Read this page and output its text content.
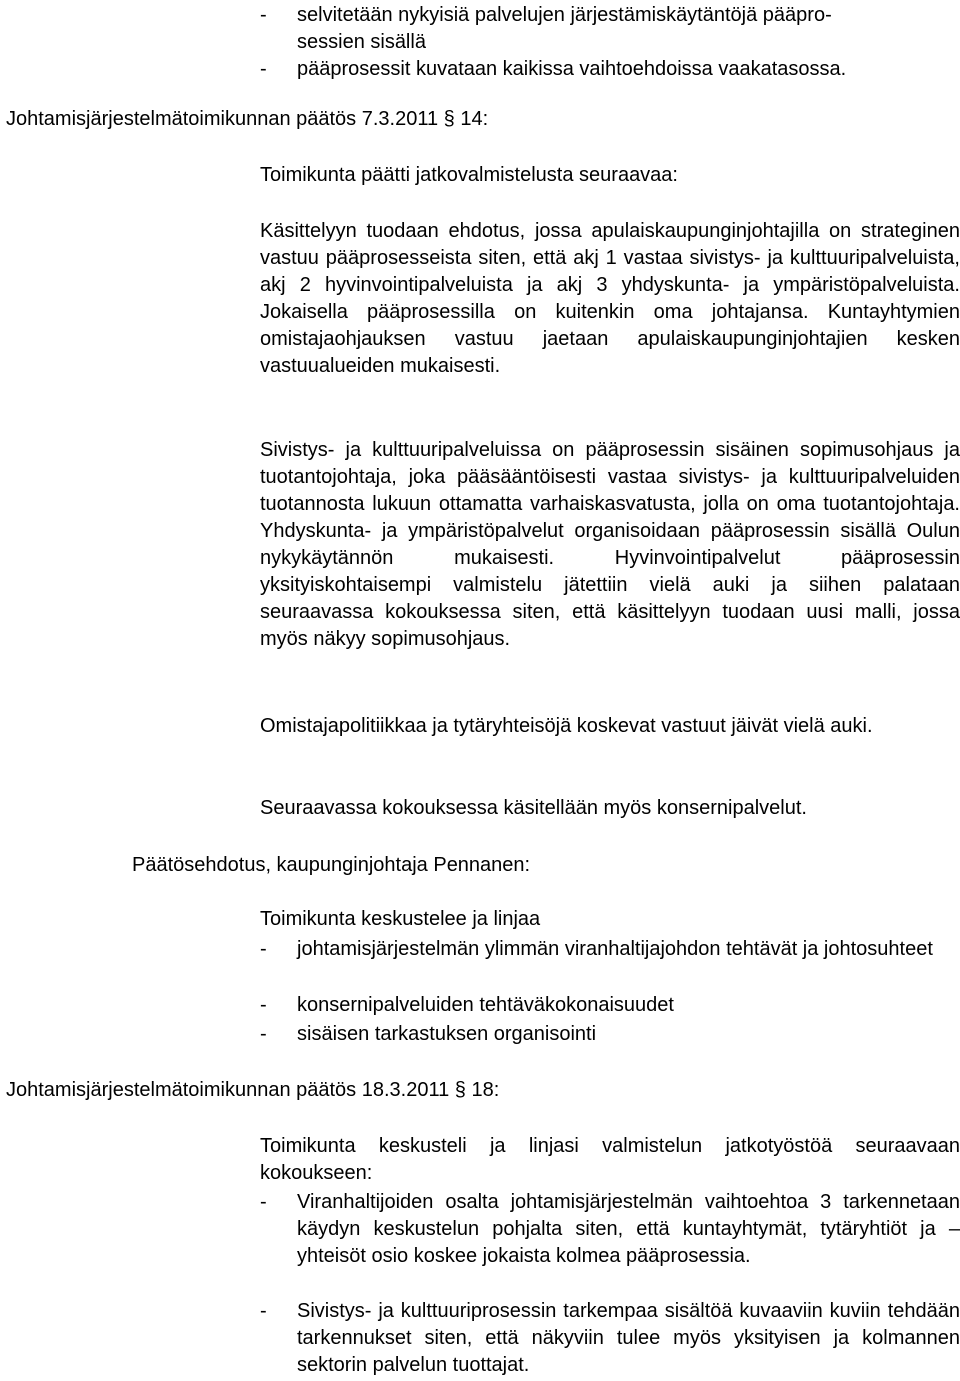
- selvitetään nykyisiä palvelujen järjestämiskäytäntöjä pääpro-
sessien sisällä
- pääprosessit kuvataan kaikissa vaihtoehdoissa vaakatasossa.
Johtamisjärjestelmätoimikunnan päätös 7.3.2011 § 14:
Toimikunta päätti jatkovalmistelusta seuraavaa:
Käsittelyyn tuodaan ehdotus, jossa apulaiskaupunginjohtajilla on strateginen vastuu pääprosesseista siten, että akj 1 vastaa sivistys- ja kulttuuripalveluista, akj 2 hyvinvointipalveluista ja akj 3 yhdyskunta- ja ympäristöpalveluista. Jokaisella pääprosessilla on kuitenkin oma johtajansa. Kuntayhtymien omistajaohjauksen vastuu jaetaan apulaiskaupunginjohtajien kesken vastuualueiden mukaisesti.
Sivistys- ja kulttuuripalveluissa on pääprosessin sisäinen sopimusohjaus ja tuotantojohtaja, joka pääsääntöisesti vastaa sivistys- ja kulttuuripalveluiden tuotannosta lukuun ottamatta varhaiskasvatusta, jolla on oma tuotantojohtaja. Yhdyskunta- ja ympäristöpalvelut organisoidaan pääprosessin sisällä Oulun nykykäytännön mukaisesti. Hyvinvointipalvelut pääprosessin yksityiskohtaisempi valmistelu jätettiin vielä auki ja siihen palataan seuraavassa kokouksessa siten, että käsittelyyn tuodaan uusi malli, jossa myös näkyy sopimusohjaus.
Omistajapolitiikkaa ja tytäryhteisöjä koskevat vastuut jäivät vielä auki.
Seuraavassa kokouksessa käsitellään myös konsernipalvelut.
Päätösehdotus, kaupunginjohtaja Pennanen:
Toimikunta keskustelee ja linjaa
- johtamisjärjestelmän ylimmän viranhaltijajohdon tehtävät ja johtosuhteet
- konsernipalveluiden tehtäväkokonaisuudet
- sisäisen tarkastuksen organisointi
Johtamisjärjestelmätoimikunnan päätös 18.3.2011 § 18:
Toimikunta keskusteli ja linjasi valmistelun jatkotyöstöä seuraavaan kokoukseen:
- Viranhaltijoiden osalta johtamisjärjestelmän vaihtoehtoa 3 tarkennetaan käydyn keskustelun pohjalta siten, että kuntayhtymät, tytäryhtiöt ja –yhteisöt osio koskee jokaista kolmea pääprosessia.
- Sivistys- ja kulttuuriprosessin tarkempaa sisältöä kuvaaviin kuviin tehdään tarkennukset siten, että näkyviin tulee myös yksityisen ja kolmannen sektorin palvelun tuottajat.
